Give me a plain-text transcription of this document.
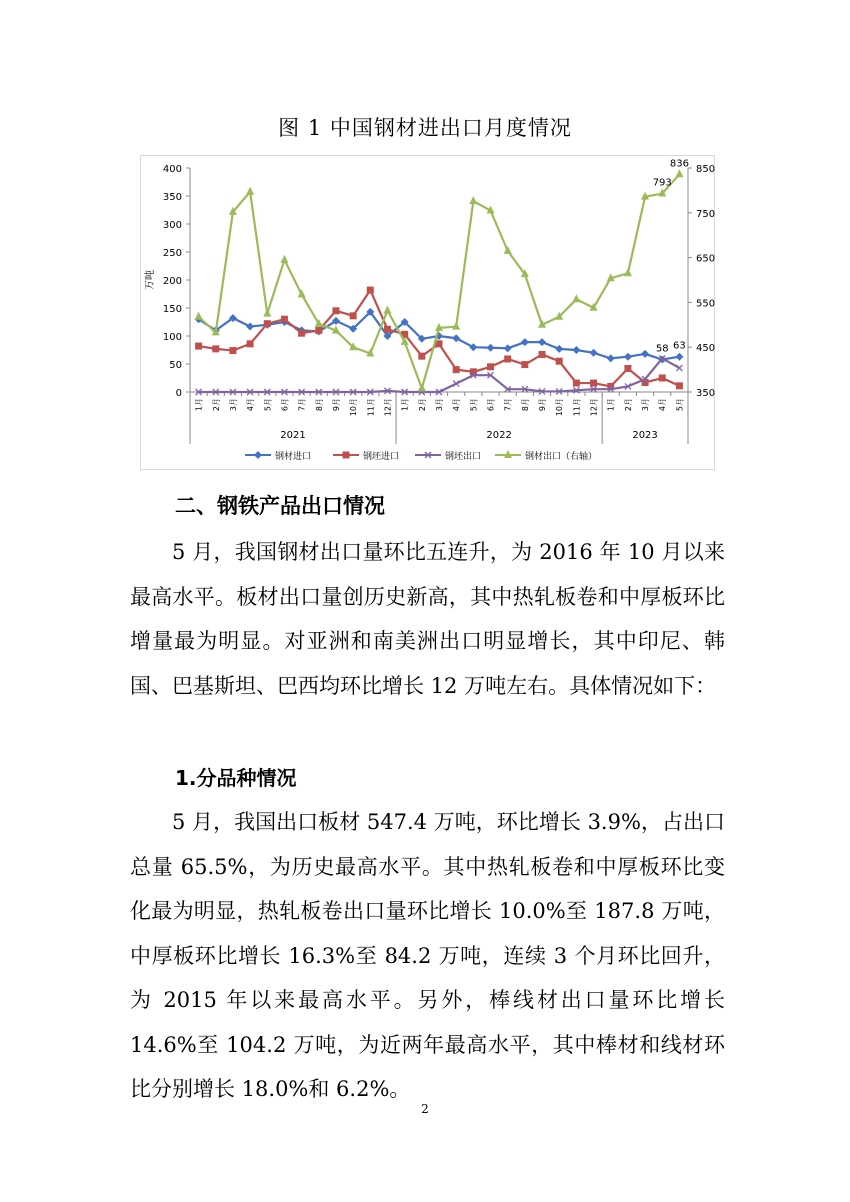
图 1 中国钢材进出口月度情况
0
50
100
150
200
250
300
350
400
350
450
550
650
750
850
万吨
1月 2月 3月 4月 5月 6月 7月 8月 9月 10月 11月 12月 1月 2月 3月 4月 5月 6月 7月 8月 9月 10月 11月 12月 1月 2月 3月 4月 5月
2021	2022	2023
58 63
793
836
钢材进口	钢坯进口	钢坯出口	钢材出口（右轴）
二、钢铁产品出口情况

5 月，我国钢材出口量环比五连升，为 2016 年 10 月以来最高水平。板材出口量创历史新高，其中热轧板卷和中厚板环比增量最为明显。对亚洲和南美洲出口明显增长，其中印尼、韩国、巴基斯坦、巴西均环比增长 12 万吨左右。具体情况如下：

1.分品种情况

5 月，我国出口板材 547.4 万吨，环比增长 3.9%，占出口总量 65.5%，为历史最高水平。其中热轧板卷和中厚板环比变化最为明显，热轧板卷出口量环比增长 10.0%至 187.8 万吨，中厚板环比增长 16.3%至 84.2 万吨，连续 3 个月环比回升，为 2015 年以来最高水平。另外，棒线材出口量环比增长 14.6%至 104.2 万吨，为近两年最高水平，其中棒材和线材环比分别增长 18.0%和 6.2%。

2
